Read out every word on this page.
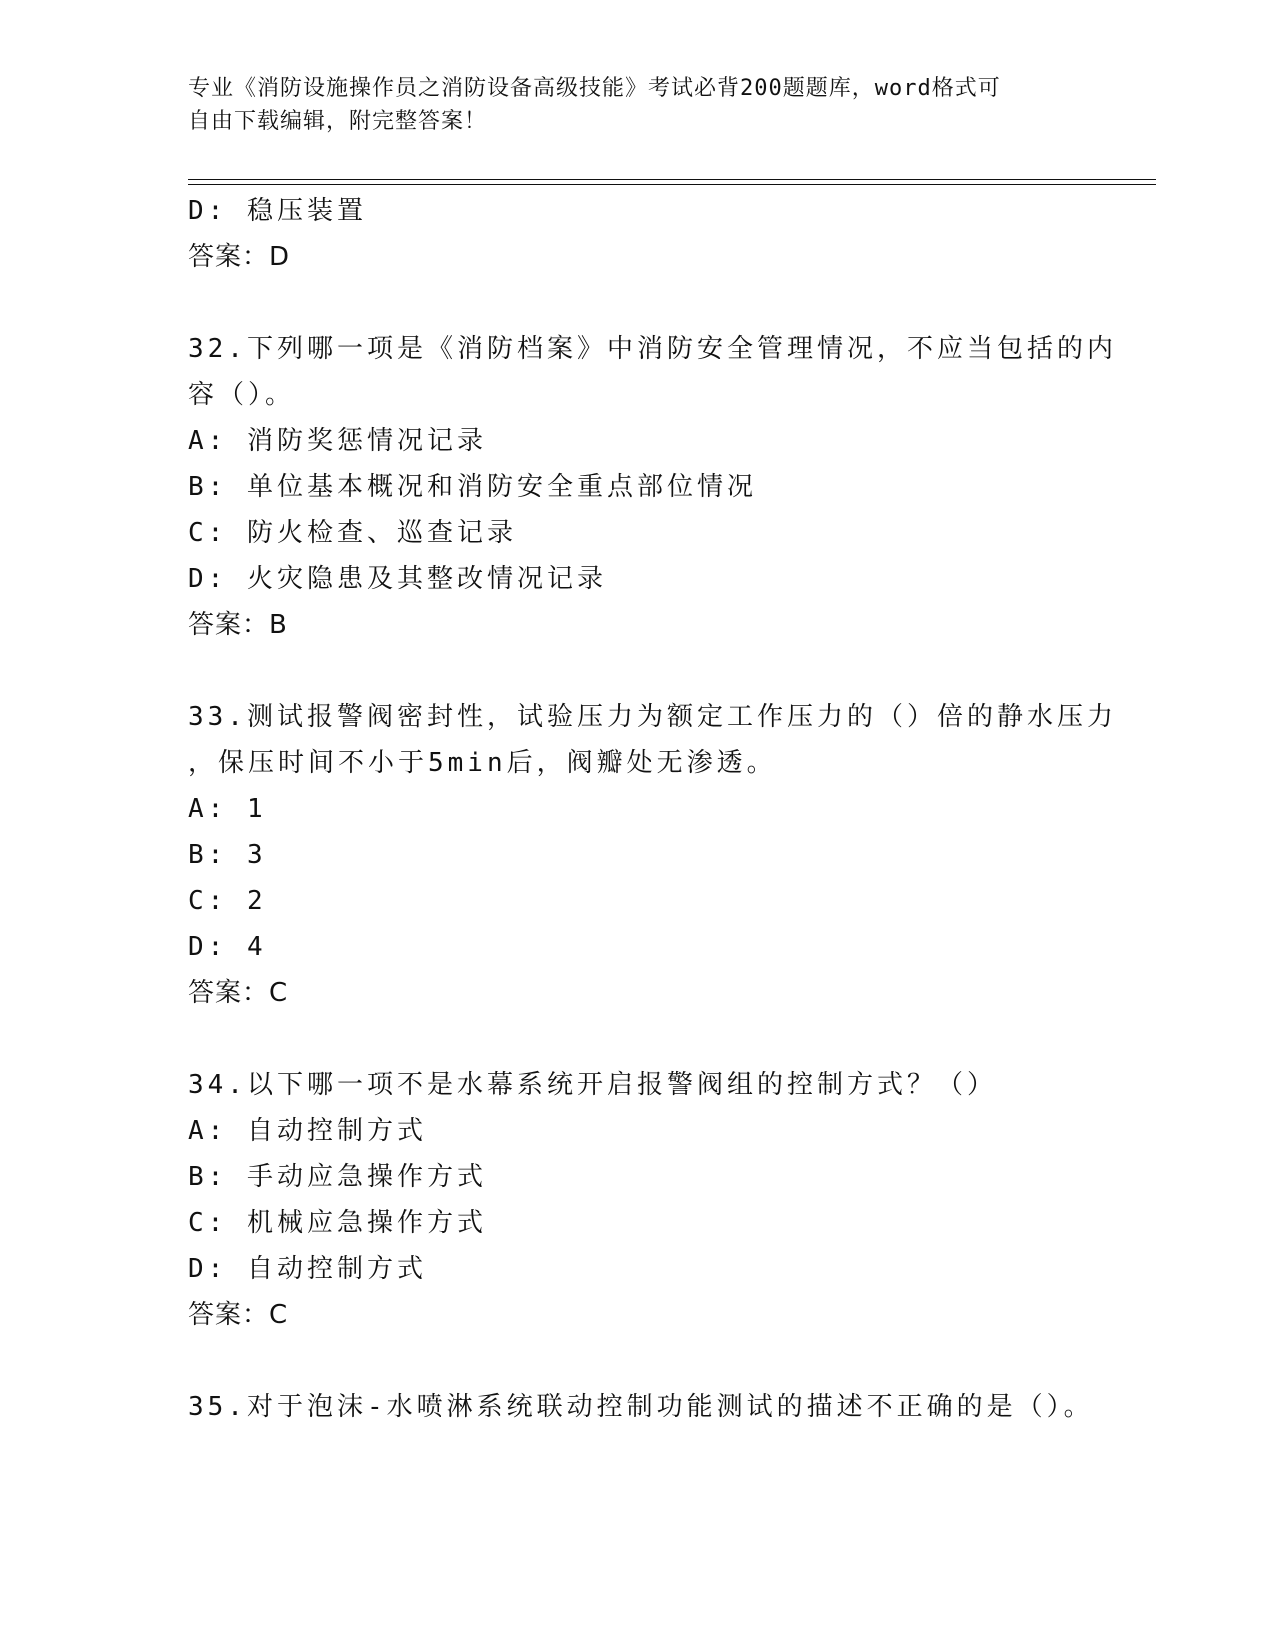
专业《消防设施操作员之消防设备高级技能》考试必背200题题库，word格式可
自由下载编辑，附完整答案！
D: 稳压装置
答案：D
32.下列哪一项是《消防档案》中消防安全管理情况，不应当包括的内
容（）。
A: 消防奖惩情况记录
B: 单位基本概况和消防安全重点部位情况
C: 防火检查、巡查记录
D: 火灾隐患及其整改情况记录
答案：B
33.测试报警阀密封性，试验压力为额定工作压力的（）倍的静水压力
，保压时间不小于5min后，阀瓣处无渗透。
A: 1
B: 3
C: 2
D: 4
答案：C
34.以下哪一项不是水幕系统开启报警阀组的控制方式？（）
A: 自动控制方式
B: 手动应急操作方式
C: 机械应急操作方式
D: 自动控制方式
答案：C
35.对于泡沫-水喷淋系统联动控制功能测试的描述不正确的是（）。
